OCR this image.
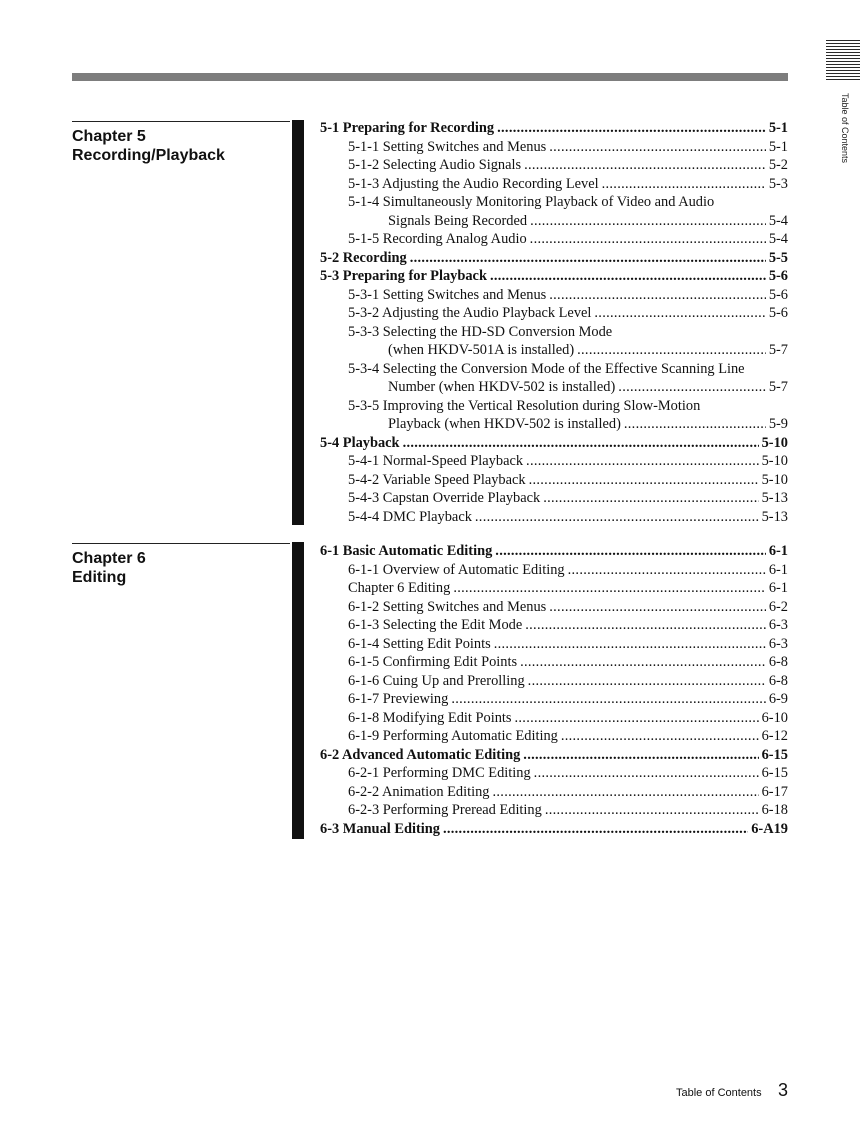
Table of Contents
Chapter 5
Recording/Playback
5-1 Preparing for Recording .....	5-1
5-1-1 Setting Switches and Menus .....	5-1
5-1-2 Selecting Audio Signals .....	5-2
5-1-3 Adjusting the Audio Recording Level .....	5-3
5-1-4 Simultaneously Monitoring Playback of Video and Audio
Signals Being Recorded .....	5-4
5-1-5 Recording Analog Audio .....	5-4
5-2 Recording .....	5-5
5-3 Preparing for Playback .....	5-6
5-3-1 Setting Switches and Menus .....	5-6
5-3-2 Adjusting the Audio Playback Level .....	5-6
5-3-3 Selecting the HD-SD Conversion Mode
(when HKDV-501A is installed) .....	5-7
5-3-4 Selecting the Conversion Mode of the Effective Scanning Line
Number (when HKDV-502 is installed) .....	5-7
5-3-5 Improving the Vertical Resolution during Slow-Motion
Playback (when HKDV-502 is installed) .....	5-9
5-4 Playback .....	5-10
5-4-1 Normal-Speed Playback .....	5-10
5-4-2 Variable Speed Playback .....	5-10
5-4-3 Capstan Override Playback .....	5-13
5-4-4 DMC Playback .....	5-13
Chapter 6
Editing
6-1 Basic Automatic Editing .....	6-1
6-1-1 Overview of Automatic Editing .....	6-1
Chapter 6 Editing .....	6-1
6-1-2 Setting Switches and Menus .....	6-2
6-1-3 Selecting the Edit Mode .....	6-3
6-1-4 Setting Edit Points .....	6-3
6-1-5 Confirming Edit Points .....	6-8
6-1-6 Cuing Up and Prerolling .....	6-8
6-1-7 Previewing .....	6-9
6-1-8 Modifying Edit Points .....	6-10
6-1-9 Performing Automatic Editing .....	6-12
6-2 Advanced Automatic Editing .....	6-15
6-2-1 Performing DMC Editing .....	6-15
6-2-2 Animation Editing .....	6-17
6-2-3 Performing Preread Editing .....	6-18
6-3 Manual Editing .....	6-A19
Table of Contents 3
